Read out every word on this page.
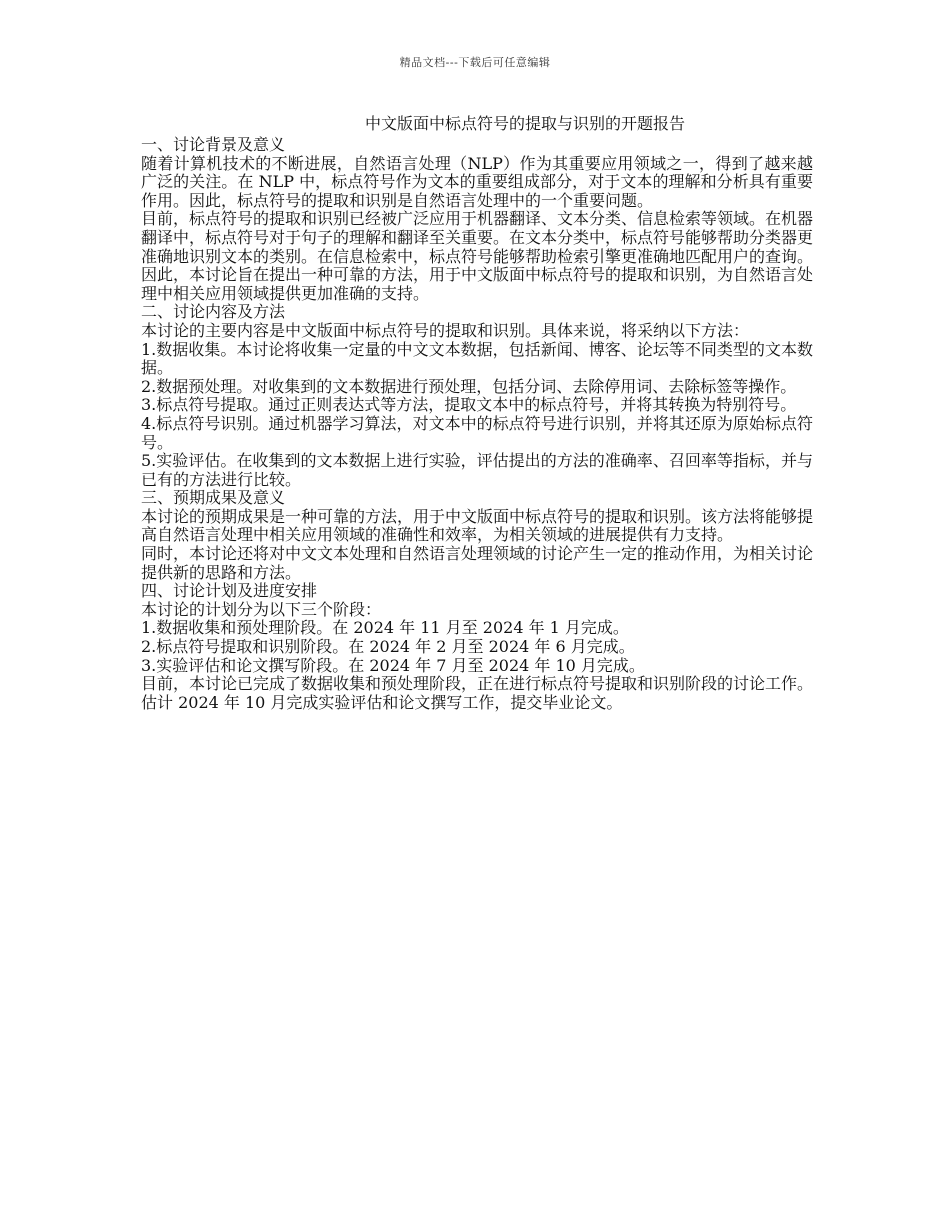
精品文档---下载后可任意编辑
中文版面中标点符号的提取与识别的开题报告
一、讨论背景及意义

随着计算机技术的不断进展，自然语言处理（NLP）作为其重要应用领域之一，得到了越来越广泛的关注。在 NLP 中，标点符号作为文本的重要组成部分，对于文本的理解和分析具有重要作用。因此，标点符号的提取和识别是自然语言处理中的一个重要问题。

目前，标点符号的提取和识别已经被广泛应用于机器翻译、文本分类、信息检索等领域。在机器翻译中，标点符号对于句子的理解和翻译至关重要。在文本分类中，标点符号能够帮助分类器更准确地识别文本的类别。在信息检索中，标点符号能够帮助检索引擎更准确地匹配用户的查询。

因此，本讨论旨在提出一种可靠的方法，用于中文版面中标点符号的提取和识别，为自然语言处理中相关应用领域提供更加准确的支持。

二、讨论内容及方法

本讨论的主要内容是中文版面中标点符号的提取和识别。具体来说，将采纳以下方法：

1.数据收集。本讨论将收集一定量的中文文本数据，包括新闻、博客、论坛等不同类型的文本数据。

2.数据预处理。对收集到的文本数据进行预处理，包括分词、去除停用词、去除标签等操作。

3.标点符号提取。通过正则表达式等方法，提取文本中的标点符号，并将其转换为特别符号。

4.标点符号识别。通过机器学习算法，对文本中的标点符号进行识别，并将其还原为原始标点符号。

5.实验评估。在收集到的文本数据上进行实验，评估提出的方法的准确率、召回率等指标，并与已有的方法进行比较。

三、预期成果及意义

本讨论的预期成果是一种可靠的方法，用于中文版面中标点符号的提取和识别。该方法将能够提高自然语言处理中相关应用领域的准确性和效率，为相关领域的进展提供有力支持。

同时，本讨论还将对中文文本处理和自然语言处理领域的讨论产生一定的推动作用，为相关讨论提供新的思路和方法。

四、讨论计划及进度安排

本讨论的计划分为以下三个阶段：

1.数据收集和预处理阶段。在 2024 年 11 月至 2024 年 1 月完成。

2.标点符号提取和识别阶段。在 2024 年 2 月至 2024 年 6 月完成。

3.实验评估和论文撰写阶段。在 2024 年 7 月至 2024 年 10 月完成。

目前，本讨论已完成了数据收集和预处理阶段，正在进行标点符号提取和识别阶段的讨论工作。估计 2024 年 10 月完成实验评估和论文撰写工作，提交毕业论文。
